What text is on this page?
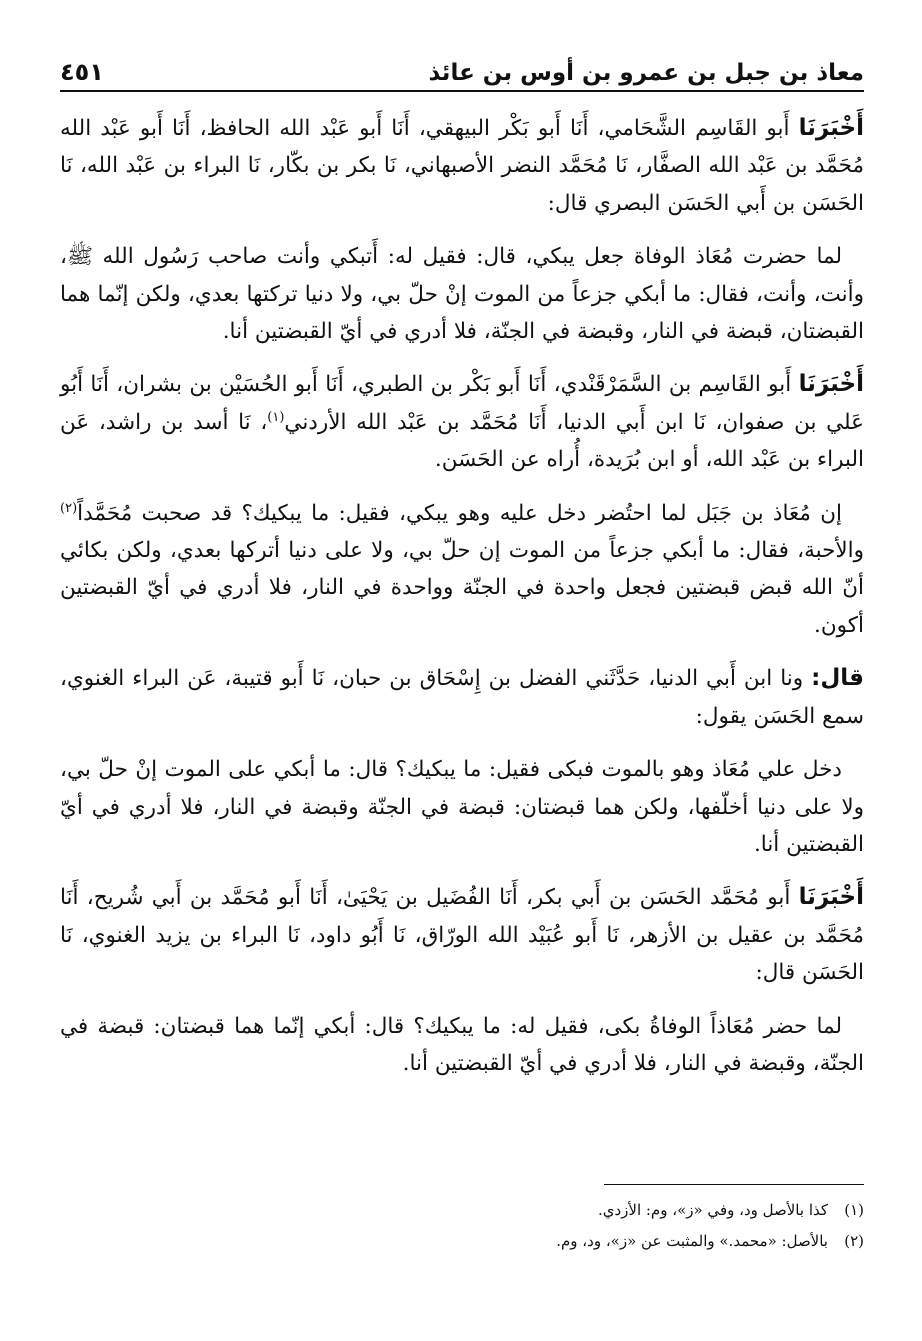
معاذ بن جبل بن عمرو بن أوس بن عائذ
٤٥١

أَخْبَرَنَا أَبو القَاسِم الشَّحَامي، أَنَا أَبو بَكْر البيهقي، أَنَا أَبو عَبْد الله الحافظ، أَنَا أَبو عَبْد الله مُحَمَّد بن عَبْد الله الصفَّار، نَا مُحَمَّد النضر الأصبهاني، نَا بكر بن بكّار، نَا البراء بن عَبْد الله، نَا الحَسَن بن أَبي الحَسَن البصري قال:

لما حضرت مُعَاذ الوفاة جعل يبكي، قال: فقيل له: أَتبكي وأنت صاحب رَسُول الله ﷺ، وأنت، وأنت، فقال: ما أبكي جزعاً من الموت إنْ حلّ بي، ولا دنيا تركتها بعدي، ولكن إنّما هما القبضتان، قبضة في النار، وقبضة في الجنّة، فلا أدري في أيّ القبضتين أنا.

أَخْبَرَنَا أَبو القَاسِم بن السَّمَرْقَنْدي، أَنَا أَبو بَكْر بن الطبري، أَنَا أَبو الحُسَيْن بن بشران، أَنَا أَبُو عَلي بن صفوان، نَا ابن أَبي الدنيا، أَنَا مُحَمَّد بن عَبْد الله الأردني$^{(١)}$، نَا أسد بن راشد، عَن البراء بن عَبْد الله، أو ابن بُرَيدة، أُراه عن الحَسَن.

إن مُعَاذ بن جَبَل لما احتُضر دخل عليه وهو يبكي، فقيل: ما يبكيك؟ قد صحبت مُحَمَّداً$^{(٢)}$ والأحبة، فقال: ما أبكي جزعاً من الموت إن حلّ بي، ولا على دنيا أتركها بعدي، ولكن بكائي أنّ الله قبض قبضتين فجعل واحدة في الجنّة وواحدة في النار، فلا أدري في أيّ القبضتين أكون.

قال: ونا ابن أَبي الدنيا، حَدَّثَني الفضل بن إِسْحَاق بن حبان، نَا أَبو قتيبة، عَن البراء الغنوي، سمع الحَسَن يقول:

دخل علي مُعَاذ وهو بالموت فبكى فقيل: ما يبكيك؟ قال: ما أبكي على الموت إنْ حلّ بي، ولا على دنيا أخلّفها، ولكن هما قبضتان: قبضة في الجنّة وقبضة في النار، فلا أدري في أيّ القبضتين أنا.

أَخْبَرَنَا أَبو مُحَمَّد الحَسَن بن أَبي بكر، أَنَا الفُضَيل بن يَحْيَىٰ، أَنَا أَبو مُحَمَّد بن أَبي شُريح، أَنَا مُحَمَّد بن عقيل بن الأزهر، نَا أَبو عُبَيْد الله الورّاق، نَا أَبُو داود، نَا البراء بن يزيد الغنوي، نَا الحَسَن قال:

لما حضر مُعَاذاً الوفاةُ بكى، فقيل له: ما يبكيك؟ قال: أبكي إنّما هما قبضتان: قبضة في الجنّة، وقبضة في النار، فلا أدري في أيّ القبضتين أنا.

(١)
كذا بالأصل ود، وفي «ز»، وم: الأزدي.
(٢)
بالأصل: «محمد.» والمثبت عن «ز»، ود، وم.
